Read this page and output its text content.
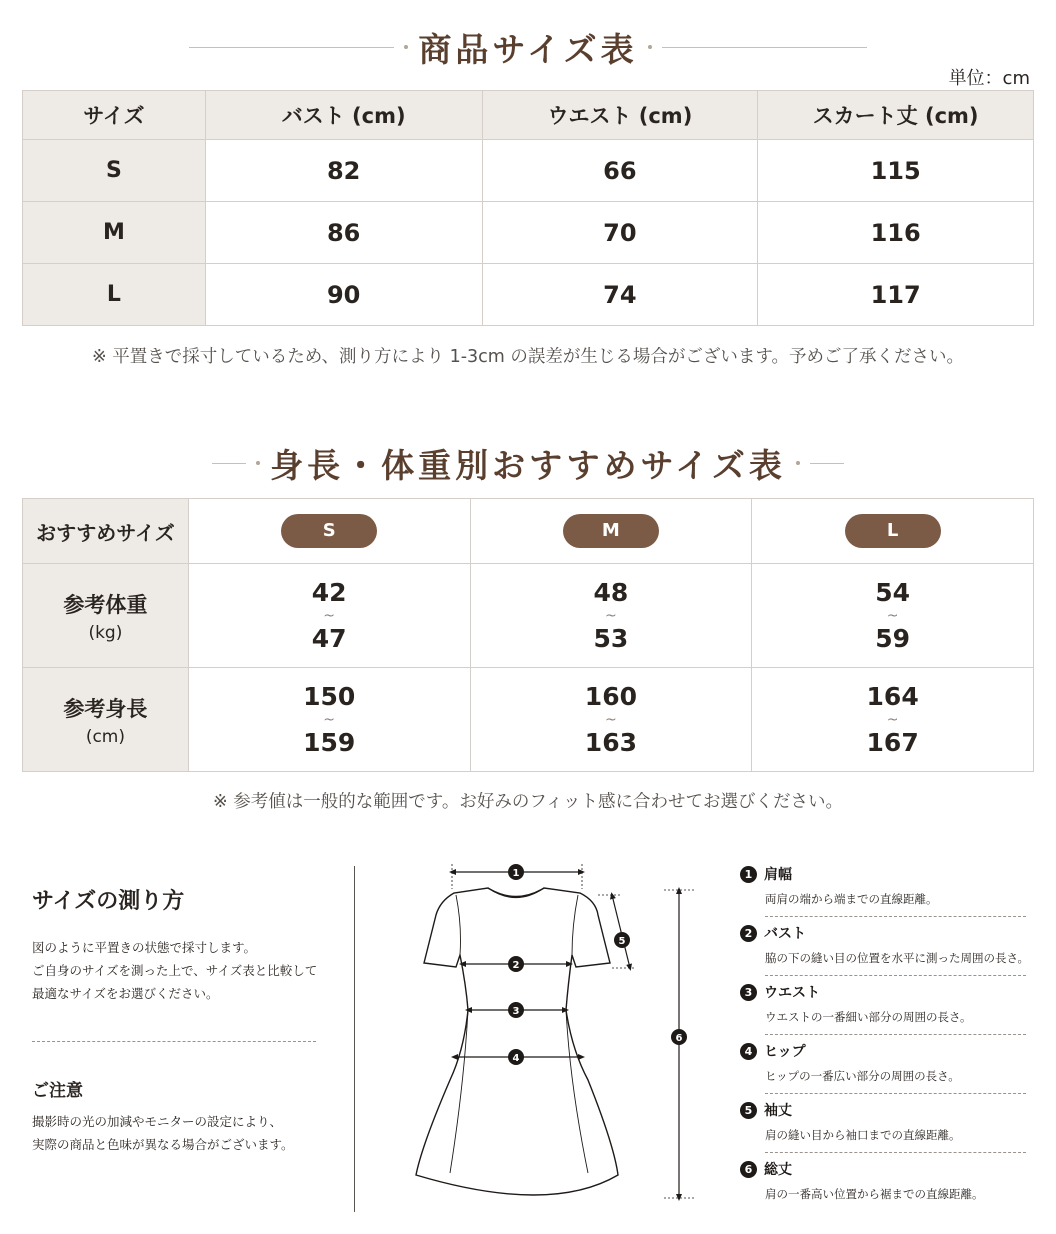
商品サイズ表
単位：cm
サイズ	バスト (cm)	ウエスト (cm)	スカート丈 (cm)
S	82	66	115
M	86	70	116
L	90	74	117
※ 平置きで採寸しているため、測り方により 1-3cm の誤差が生じる場合がございます。予めご了承ください。
身長・体重別おすすめサイズ表
おすすめサイズ	S	M	L

参考体重
(kg)	42
~
47	48
~
53	54
~
59

参考身長
(cm)	150
~
159	160
~
163	164
~
167
※ 参考値は一般的な範囲です。お好みのフィット感に合わせてお選びください。
サイズの測り方
図のように平置きの状態で採寸します。
ご自身のサイズを測った上で、サイズ表と比較して
最適なサイズをお選びください。
ご注意
撮影時の光の加減やモニターの設定により、
実際の商品と色味が異なる場合がございます。
1
2
3
4
5
6
1 肩幅
両肩の端から端までの直線距離。
2 バスト
脇の下の縫い目の位置を水平に測った周囲の長さ。
3 ウエスト
ウエストの一番細い部分の周囲の長さ。
4 ヒップ
ヒップの一番広い部分の周囲の長さ。
5 袖丈
肩の縫い目から袖口までの直線距離。
6 総丈
肩の一番高い位置から裾までの直線距離。
